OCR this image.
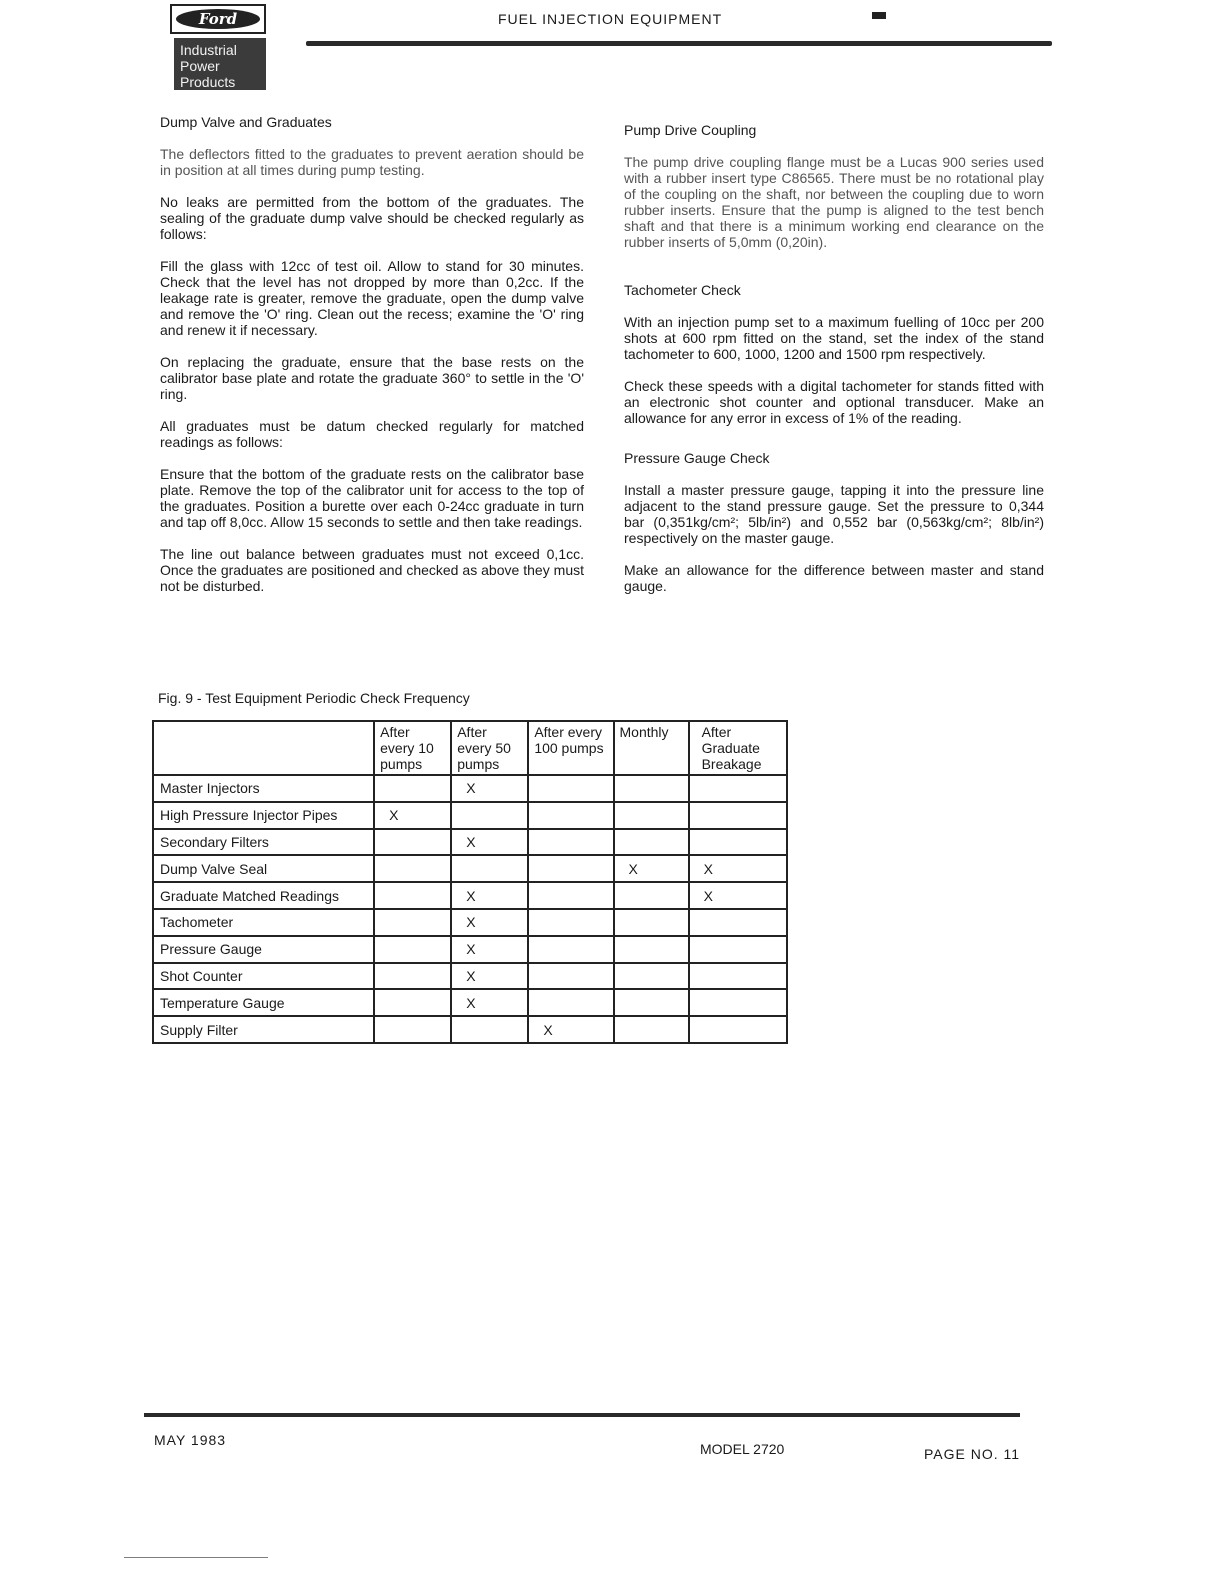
Ford
Industrial
Power
Products
FUEL INJECTION EQUIPMENT
Dump Valve and Graduates

The deflectors fitted to the graduates to prevent aeration should be in position at all times during pump testing.

No leaks are permitted from the bottom of the graduates. The sealing of the graduate dump valve should be checked regularly as follows:

Fill the glass with 12cc of test oil. Allow to stand for 30 minutes. Check that the level has not dropped by more than 0,2cc. If the leakage rate is greater, remove the graduate, open the dump valve and remove the 'O' ring. Clean out the recess; examine the 'O' ring and renew it if necessary.

On replacing the graduate, ensure that the base rests on the calibrator base plate and rotate the graduate 360° to settle in the 'O' ring.

All graduates must be datum checked regularly for matched readings as follows:

Ensure that the bottom of the graduate rests on the calibrator base plate. Remove the top of the calibrator unit for access to the top of the graduates. Position a burette over each 0-24cc graduate in turn and tap off 8,0cc. Allow 15 seconds to settle and then take readings.

The line out balance between graduates must not exceed 0,1cc. Once the graduates are positioned and checked as above they must not be disturbed.

Pump Drive Coupling

The pump drive coupling flange must be a Lucas 900 series used with a rubber insert type C86565. There must be no rotational play of the coupling on the shaft, nor between the coupling due to worn rubber inserts. Ensure that the pump is aligned to the test bench shaft and that there is a minimum working end clearance on the rubber inserts of 5,0mm (0,20in).

Tachometer Check

With an injection pump set to a maximum fuelling of 10cc per 200 shots at 600 rpm fitted on the stand, set the index of the stand tachometer to 600, 1000, 1200 and 1500 rpm respectively.

Check these speeds with a digital tachometer for stands fitted with an electronic shot counter and optional transducer. Make an allowance for any error in excess of 1% of the reading.

Pressure Gauge Check

Install a master pressure gauge, tapping it into the pressure line adjacent to the stand pressure gauge. Set the pressure to 0,344 bar (0,351kg/cm²; 5lb/in²) and 0,552 bar (0,563kg/cm²; 8lb/in²) respectively on the master gauge.

Make an allowance for the difference between master and stand gauge.

Fig. 9 - Test Equipment Periodic Check Frequency
	After every 10 pumps	After every 50 pumps	After every 100 pumps	Monthly	After Graduate Breakage
Master Injectors		X			
High Pressure Injector Pipes	X				
Secondary Filters		X			
Dump Valve Seal				X	X
Graduate Matched Readings		X			X
Tachometer		X			
Pressure Gauge		X			
Shot Counter		X			
Temperature Gauge		X			
Supply Filter			X		
MAY 1983
MODEL 2720	PAGE NO. 11
